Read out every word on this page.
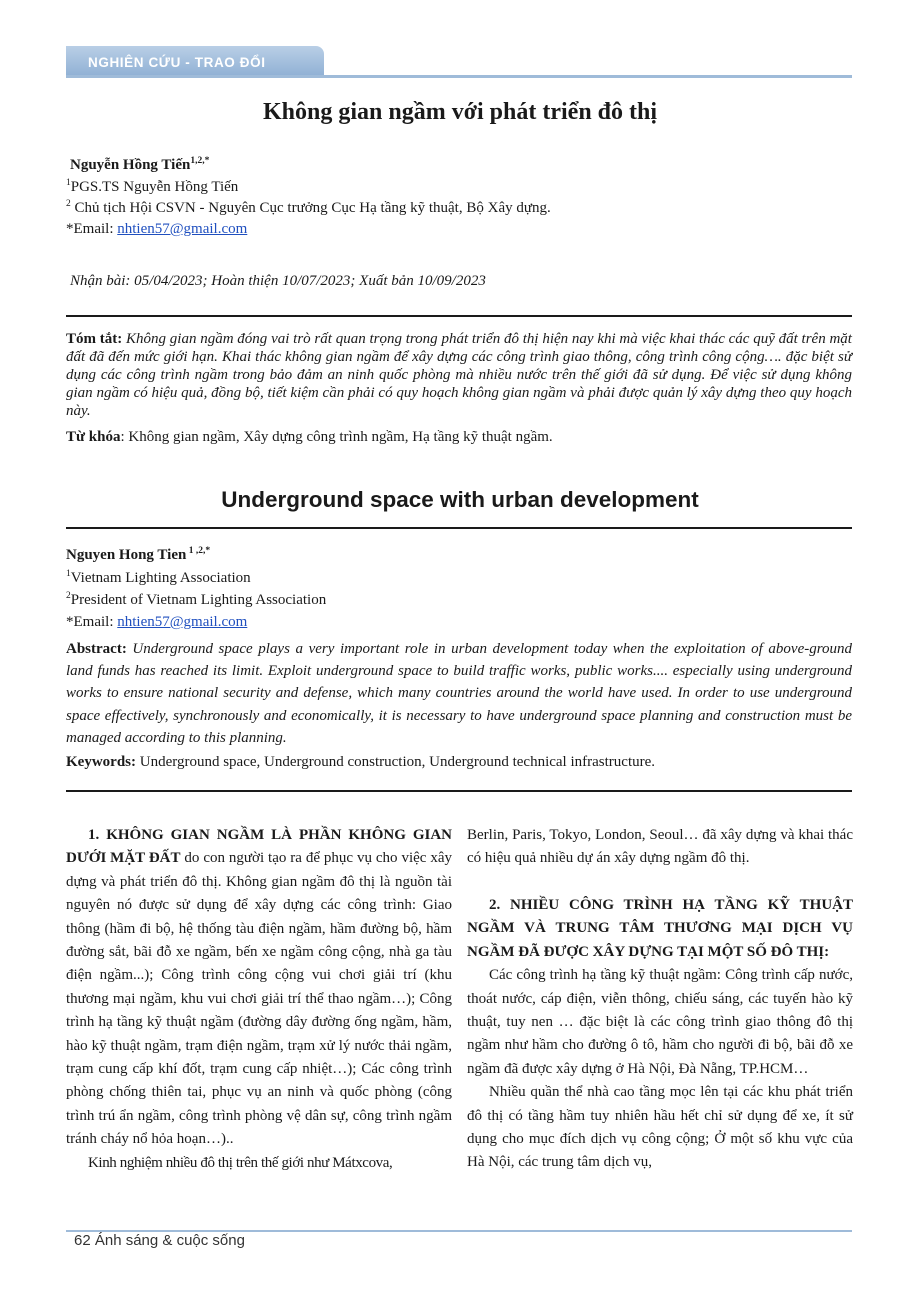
NGHIÊN CỨU - TRAO ĐỔI
Không gian ngầm với phát triển đô thị
Nguyễn Hồng Tiến$^{1,2,*}$
$^1$PGS.TS Nguyễn Hồng Tiến
$^2$ Chủ tịch Hội CSVN - Nguyên Cục trưởng Cục Hạ tầng kỹ thuật, Bộ Xây dựng.
*Email: nhtien57@gmail.com
Nhận bài: 05/04/2023; Hoàn thiện 10/07/2023; Xuất bản 10/09/2023
Tóm tắt: Không gian ngầm đóng vai trò rất quan trọng trong phát triển đô thị hiện nay khi mà việc khai thác các quỹ đất trên mặt đất đã đến mức giới hạn. Khai thác không gian ngầm để xây dựng các công trình giao thông, công trình công cộng…. đặc biệt sử dụng các công trình ngầm trong bảo đảm an ninh quốc phòng mà nhiều nước trên thế giới đã sử dụng. Để việc sử dụng không gian ngầm có hiệu quả, đồng bộ, tiết kiệm cần phải có quy hoạch không gian ngầm và phải được quản lý xây dựng theo quy hoạch này.
Từ khóa: Không gian ngầm, Xây dựng công trình ngầm, Hạ tầng kỹ thuật ngầm.
Underground space with urban development
Nguyen Hong Tien $^{1 ,2,*}$
$^1$Vietnam Lighting Association
$^2$President of Vietnam Lighting Association
*Email: nhtien57@gmail.com
Abstract: Underground space plays a very important role in urban development today when the exploitation of above-ground land funds has reached its limit. Exploit underground space to build traffic works, public works.... especially using underground works to ensure national security and defense, which many countries around the world have used. In order to use underground space effectively, synchronously and economically, it is necessary to have underground space planning and construction must be managed according to this planning.
Keywords: Underground space, Underground construction, Underground technical infrastructure.

1. KHÔNG GIAN NGẦM LÀ PHẦN KHÔNG GIAN DƯỚI MẶT ĐẤT do con người tạo ra để phục vụ cho việc xây dựng và phát triển đô thị. Không gian ngầm đô thị là nguồn tài nguyên nó được sử dụng để xây dựng các công trình: Giao thông (hầm đi bộ, hệ thống tàu điện ngầm, hầm đường bộ, hầm đường sắt, bãi đỗ xe ngầm, bến xe ngầm công cộng, nhà ga tàu điện ngầm...); Công trình công cộng vui chơi giải trí (khu thương mại ngầm, khu vui chơi giải trí thể thao ngầm…); Công trình hạ tầng kỹ thuật ngầm (đường dây đường ống ngầm, hầm, hào kỹ thuật ngầm, trạm điện ngầm, trạm xử lý nước thải ngầm, trạm cung cấp khí đốt, trạm cung cấp nhiệt…); Các công trình phòng chống thiên tai, phục vụ an ninh và quốc phòng (công trình trú ẩn ngầm, công trình phòng vệ dân sự, công trình ngầm tránh cháy nổ hỏa hoạn…)..

Kinh nghiệm nhiều đô thị trên thế giới như Mátxcova,

Berlin, Paris, Tokyo, London, Seoul… đã xây dựng và khai thác có hiệu quả nhiều dự án xây dựng ngầm đô thị.

2. NHIỀU CÔNG TRÌNH HẠ TẦNG KỸ THUẬT NGẦM VÀ TRUNG TÂM THƯƠNG MẠI DỊCH VỤ NGẦM ĐÃ ĐƯỢC XÂY DỰNG TẠI MỘT SỐ ĐÔ THỊ:

Các công trình hạ tầng kỹ thuật ngầm: Công trình cấp nước, thoát nước, cáp điện, viễn thông, chiếu sáng, các tuyến hào kỹ thuật, tuy nen … đặc biệt là các công trình giao thông đô thị ngầm như hầm cho đường ô tô, hầm cho người đi bộ, bãi đỗ xe ngầm đã được xây dựng ở Hà Nội, Đà Nẵng, TP.HCM…

Nhiều quần thể nhà cao tầng mọc lên tại các khu phát triển đô thị có tầng hầm tuy nhiên hầu hết chỉ sử dụng để xe, ít sử dụng cho mục đích dịch vụ công cộng; Ở một số khu vực của Hà Nội, các trung tâm dịch vụ,

62 Ánh sáng & cuộc sống
